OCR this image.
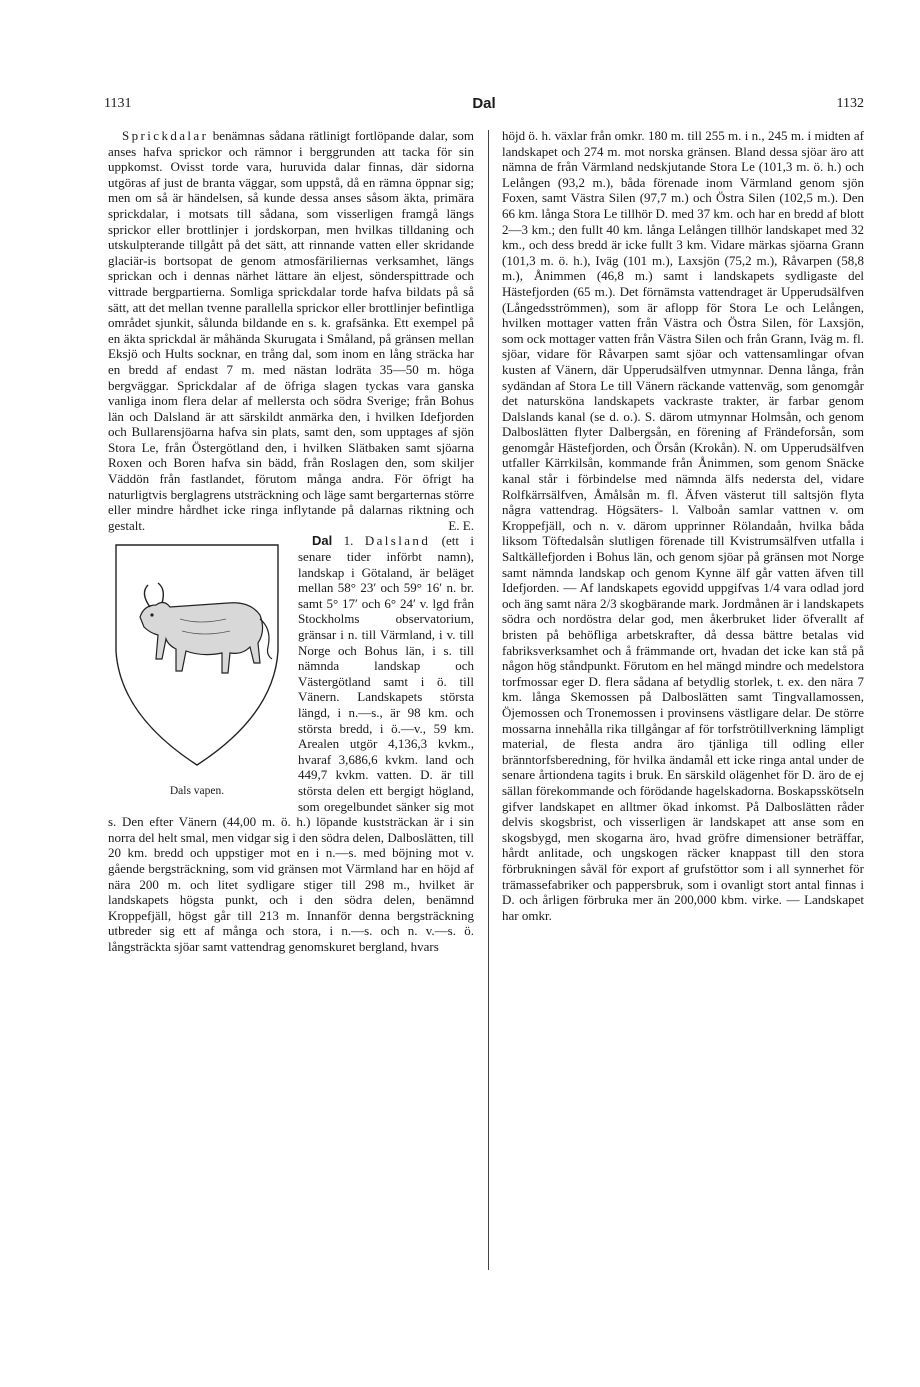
1131	Dal	1132

Sprickdalar benämnas sådana rätlinigt fortlöpande dalar, som anses hafva sprickor och rämnor i berggrunden att tacka för sin uppkomst. Ovisst torde vara, huruvida dalar finnas, där sidorna utgöras af just de branta väggar, som uppstå, då en rämna öppnar sig; men om så är händelsen, så kunde dessa anses såsom äkta, primära sprickdalar, i motsats till sådana, som visserligen framgå längs sprickor eller brottlinjer i jordskorpan, men hvilkas tilldaning och utskulpterande tillgått på det sätt, att rinnande vatten eller skridande glaciär-is bortsopat de genom atmosfäriliernas verksamhet, längs sprickan och i dennas närhet lättare än eljest, sönderspittrade och vittrade bergpartierna. Somliga sprickdalar torde hafva bildats på så sätt, att det mellan tvenne parallella sprickor eller brottlinjer befintliga området sjunkit, sålunda bildande en s. k. grafsänka. Ett exempel på en äkta sprickdal är måhända Skurugata i Småland, på gränsen mellan Eksjö och Hults socknar, en trång dal, som inom en lång sträcka har en bredd af endast 7 m. med nästan lodräta 35—50 m. höga bergväggar. Sprickdalar af de öfriga slagen tyckas vara ganska vanliga inom flera delar af mellersta och södra Sverige; från Bohus län och Dalsland är att särskildt anmärka den, i hvilken Idefjorden och Bullarensjöarna hafva sin plats, samt den, som upptages af sjön Stora Le, från Östergötland den, i hvilken Slätbaken samt sjöarna Roxen och Boren hafva sin bädd, från Roslagen den, som skiljer Väddön från fastlandet, förutom många andra. För öfrigt ha naturligtvis berglagrens utsträckning och läge samt bergarternas större eller mindre hårdhet icke ringa inflytande på dalarnas riktning och gestalt.	E. E.
Dals vapen.

Dal 1. Dalsland (ett i senare tider införbt namn), landskap i Götaland, är beläget mellan 58° 23′ och 59° 16′ n. br. samt 5° 17′ och 6° 24′ v. lgd från Stockholms observatorium, gränsar i n. till Värmland, i v. till Norge och Bohus län, i s. till nämnda landskap och Västergötland samt i ö. till Vänern. Landskapets största längd, i n.—s., är 98 km. och största bredd, i ö.—v., 59 km. Arealen utgör 4,136,3 kvkm., hvaraf 3,686,6 kvkm. land och 449,7 kvkm. vatten. D. är till största delen ett bergigt högland, som oregelbundet sänker sig mot s. Den efter Vänern (44,00 m. ö. h.) löpande kuststräckan är i sin norra del helt smal, men vidgar sig i den södra delen, Dalboslätten, till 20 km. bredd och uppstiger mot en i n.—s. med böjning mot v. gående bergsträckning, som vid gränsen mot Värmland har en höjd af nära 200 m. och litet sydligare stiger till 298 m., hvilket är landskapets högsta punkt, och i den södra delen, benämnd Kroppefjäll, högst går till 213 m. Innanför denna bergsträckning utbreder sig ett af många och stora, i n.—s. och n. v.—s. ö. långsträckta sjöar samt vattendrag genomskuret bergland, hvars

höjd ö. h. växlar från omkr. 180 m. till 255 m. i n., 245 m. i midten af landskapet och 274 m. mot norska gränsen. Bland dessa sjöar äro att nämna de från Värmland nedskjutande Stora Le (101,3 m. ö. h.) och Lelången (93,2 m.), båda förenade inom Värmland genom sjön Foxen, samt Västra Silen (97,7 m.) och Östra Silen (102,5 m.). Den 66 km. långa Stora Le tillhör D. med 37 km. och har en bredd af blott 2—3 km.; den fullt 40 km. långa Lelången tillhör landskapet med 32 km., och dess bredd är icke fullt 3 km. Vidare märkas sjöarna Grann (101,3 m. ö. h.), Iväg (101 m.), Laxsjön (75,2 m.), Råvarpen (58,8 m.), Ånimmen (46,8 m.) samt i landskapets sydligaste del Hästefjorden (65 m.). Det förnämsta vattendraget är Upperudsälfven (Långedsströmmen), som är aflopp för Stora Le och Lelången, hvilken mottager vatten från Västra och Östra Silen, för Laxsjön, som ock mottager vatten från Västra Silen och från Grann, Iväg m. fl. sjöar, vidare för Råvarpen samt sjöar och vattensamlingar ofvan kusten af Vänern, där Upperudsälfven utmynnar. Denna långa, från sydändan af Stora Le till Vänern räckande vattenväg, som genomgår det natursköna landskapets vackraste trakter, är farbar genom Dalslands kanal (se d. o.). S. därom utmynnar Holmsån, och genom Dalboslätten flyter Dalbergsån, en förening af Frändeforsån, som genomgår Hästefjorden, och Örsån (Krokån). N. om Upperudsälfven utfaller Kärrkilsån, kommande från Ånimmen, som genom Snäcke kanal står i förbindelse med nämnda älfs nedersta del, vidare Rolfkärrsälfven, Åmålsån m. fl. Äfven västerut till saltsjön flyta några vattendrag. Högsäters- l. Valboån samlar vattnen v. om Kroppefjäll, och n. v. därom upprinner Rölandaån, hvilka båda liksom Töftedalsån slutligen förenade till Kvistrumsälfven utfalla i Saltkällefjorden i Bohus län, och genom sjöar på gränsen mot Norge samt nämnda landskap och genom Kynne älf går vatten äfven till Idefjorden. — Af landskapets egovidd uppgifvas 1/4 vara odlad jord och äng samt nära 2/3 skogbärande mark. Jordmånen är i landskapets södra och nordöstra delar god, men åkerbruket lider öfverallt af bristen på behöfliga arbetskrafter, då dessa bättre betalas vid fabriksverksamhet och å främmande ort, hvadan det icke kan stå på någon hög ståndpunkt. Förutom en hel mängd mindre och medelstora torfmossar eger D. flera sådana af betydlig storlek, t. ex. den nära 7 km. långa Skemossen på Dalboslätten samt Tingvallamossen, Öjemossen och Tronemossen i provinsens västligare delar. De större mossarna innehålla rika tillgångar af för torfströtillverkning lämpligt material, de flesta andra äro tjänliga till odling eller bränntorfsberedning, för hvilka ändamål ett icke ringa antal under de senare årtiondena tagits i bruk. En särskild olägenhet för D. äro de ej sällan förekommande och förödande hagelskadorna. Boskapsskötseln gifver landskapet en alltmer ökad inkomst. På Dalboslätten råder delvis skogsbrist, och visserligen är landskapet att anse som en skogsbygd, men skogarna äro, hvad gröfre dimensioner beträffar, hårdt anlitade, och ungskogen räcker knappast till den stora förbrukningen såväl för export af grufstöttor som i all synnerhet för trämassefabriker och pappersbruk, som i ovanligt stort antal finnas i D. och årligen förbruka mer än 200,000 kbm. virke. — Landskapet har omkr.
